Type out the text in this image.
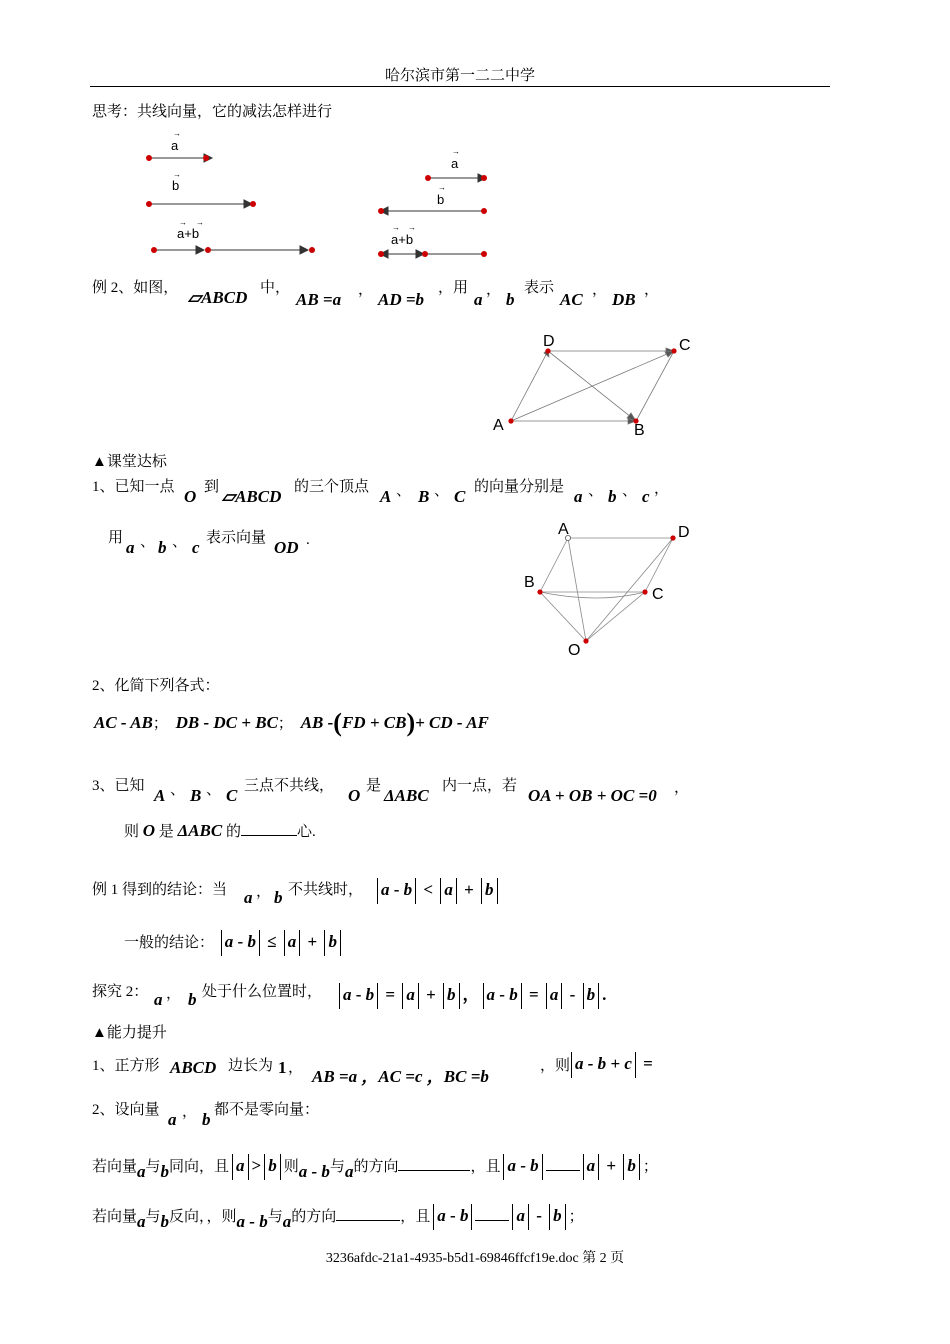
哈尔滨市第一二二中学
思考：共线向量，它的减法怎样进行
→
a
→
b
→ →
a+b
→
a
→
b
→ →
a+b
例 2、如图， ▱ABCD 中，
AB =a ， AD =b
，用
a ， b
表示
AC ， DB ，
D	C
A	B
▲课堂达标
1、已知一点 O 到 ▱ABCD 的三个顶点 A 、 B 、 C 的向量分别是 a 、 b 、 c ，
用 a 、 b 、 c 表示向量 OD .
A	D
B
C
O
2、化简下列各式：
AC - AB； DB - DC + BC； AB -(FD + CB)+ CD - AF
3、已知 A 、 B 、 C 三点不共线， O 是 ΔABC 内一点，若 OA + OB + OC =0 ，
则 O 是 ΔABC 的	心.
例 1 得到的结论：当 a ， b 不共线时，	a - b < a + b
一般的结论： a - b ≤ a + b
探究 2： a ， b 处于什么位置时，	a - b = a + b ， a - b = a - b .
▲能力提升
1、正方形 ABCD 边长为 1 ， AB =a ，AC =c ，BC =b
，则 a - b + c =
2、设向量 a ， b 都不是零向量：
若向量a与b同向，且 a > b 则a - b与a的方向	，且 a - b	a + b ；
若向量a与b反向，，则a - b与a的方向	，且 a - b	a - b ；
3236afdc-21a1-4935-b5d1-69846ffcf19e.doc 第 2 页
